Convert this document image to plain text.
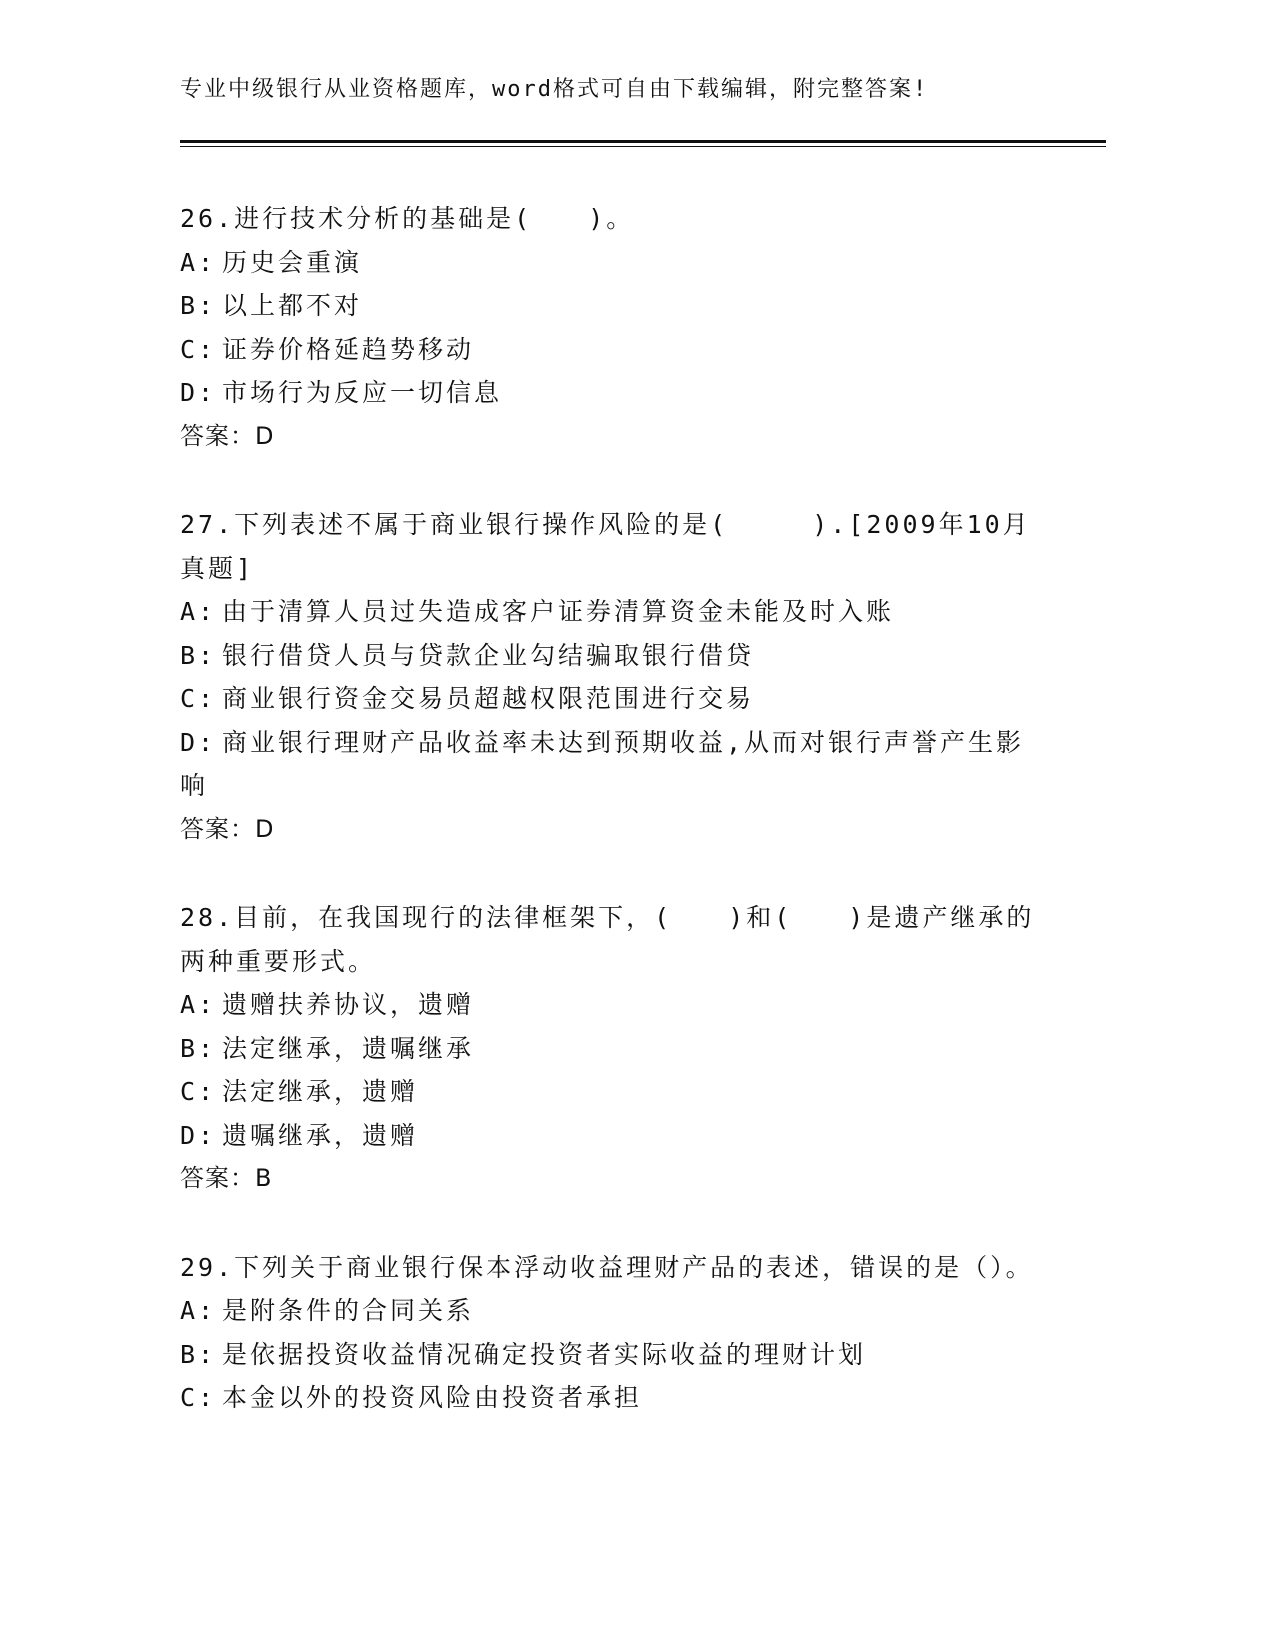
专业中级银行从业资格题库，word格式可自由下载编辑，附完整答案!

26.进行技术分析的基础是(　　)。

A: 历史会重演

B: 以上都不对

C: 证券价格延趋势移动

D: 市场行为反应一切信息

答案：D

27.下列表述不属于商业银行操作风险的是(　　　).[2009年10月真题]

A: 由于清算人员过失造成客户证券清算资金未能及时入账

B: 银行借贷人员与贷款企业勾结骗取银行借贷

C: 商业银行资金交易员超越权限范围进行交易

D: 商业银行理财产品收益率未达到预期收益,从而对银行声誉产生影响

答案：D

28.目前，在我国现行的法律框架下，(　　)和(　　)是遗产继承的两种重要形式。

A: 遗赠扶养协议，遗赠

B: 法定继承，遗嘱继承

C: 法定继承，遗赠

D: 遗嘱继承，遗赠

答案：B

29.下列关于商业银行保本浮动收益理财产品的表述，错误的是（）。

A: 是附条件的合同关系

B: 是依据投资收益情况确定投资者实际收益的理财计划

C: 本金以外的投资风险由投资者承担
